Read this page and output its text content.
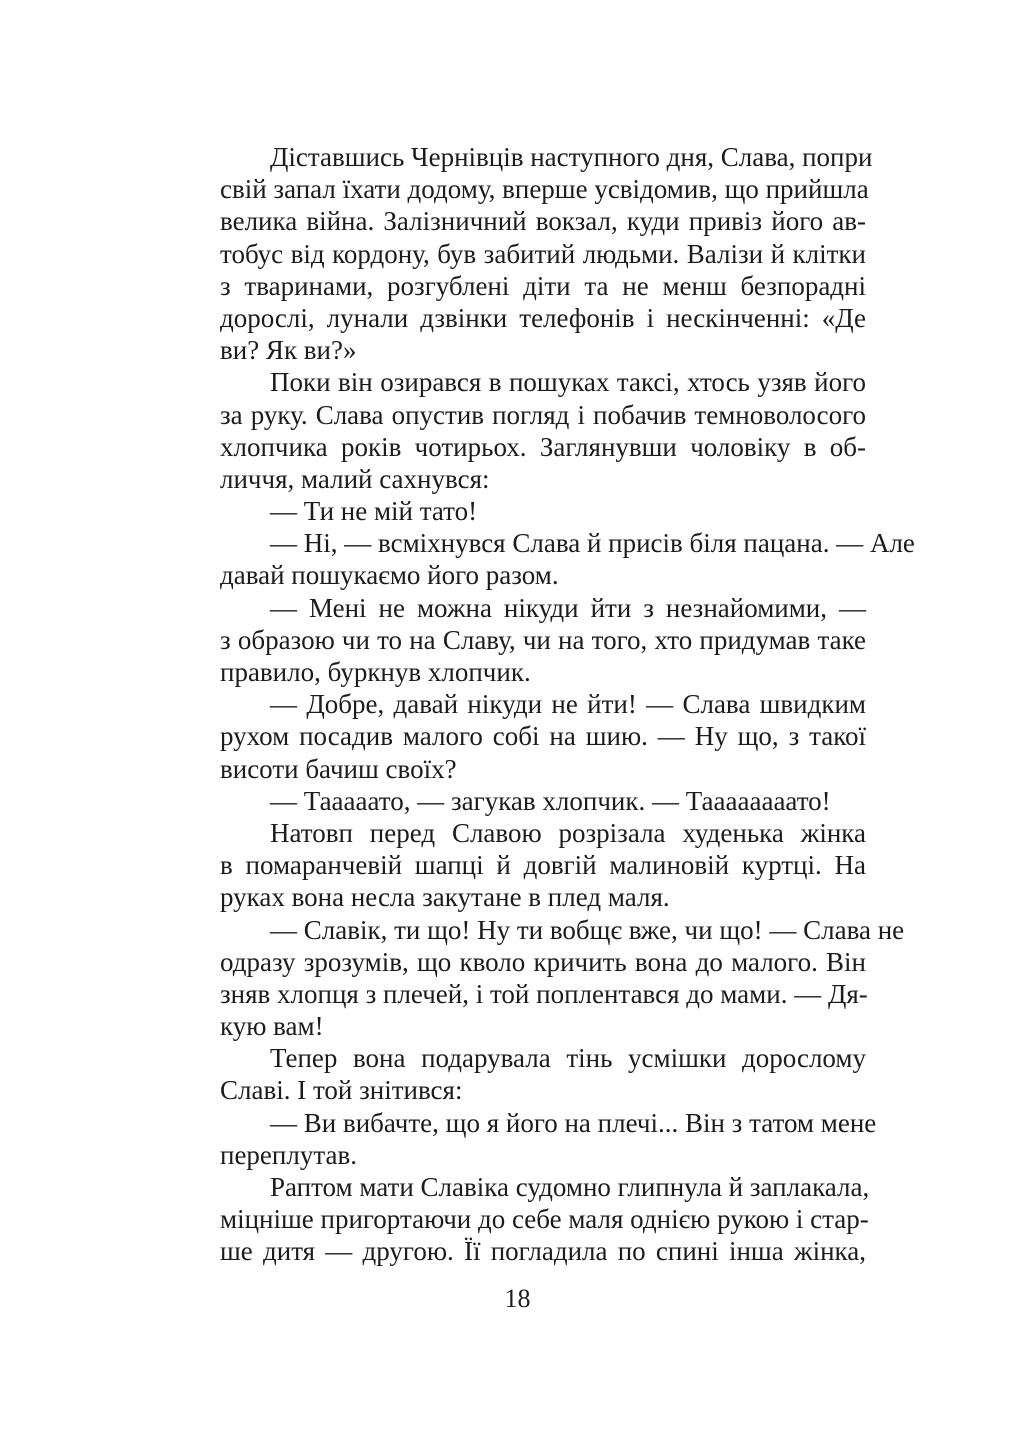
Діставшись Чернівців наступного дня, Слава, попри
свій запал їхати додому, вперше усвідомив, що прийшла
велика війна. Залізничний вокзал, куди привіз його ав-
тобус від кордону, був забитий людьми. Валізи й клітки
з тваринами, розгублені діти та не менш безпорадні
дорослі, лунали дзвінки телефонів і нескінченні: «Де
ви? Як ви?»
Поки він озирався в пошуках таксі, хтось узяв його
за руку. Слава опустив погляд і побачив темноволосого
хлопчика років чотирьох. Заглянувши чоловіку в об-
личчя, малий сахнувся:
— Ти не мій тато!
— Ні, — всміхнувся Слава й присів біля пацана. — Але
давай пошукаємо його разом.
— Мені не можна нікуди йти з незнайомими, —
з образою чи то на Славу, чи на того, хто придумав таке
правило, буркнув хлопчик.
— Добре, давай нікуди не йти! — Слава швидким
рухом посадив малого собі на шию. — Ну що, з такої
висоти бачиш своїх?
— Тааааато, — загукав хлопчик. — Таааааааато!
Натовп перед Славою розрізала худенька жінка
в помаранчевій шапці й довгій малиновій куртці. На
руках вона несла закутане в плед маля.
— Славік, ти що! Ну ти вобщє вже, чи що! — Слава не
одразу зрозумів, що кволо кричить вона до малого. Він
зняв хлопця з плечей, і той поплентався до мами. — Дя-
кую вам!
Тепер вона подарувала тінь усмішки дорослому
Славі. І той знітився:
— Ви вибачте, що я його на плечі... Він з татом мене
переплутав.
Раптом мати Славіка судомно глипнула й заплакала,
міцніше пригортаючи до себе маля однією рукою і стар-
ше дитя — другою. Її погладила по спині інша жінка,
18
